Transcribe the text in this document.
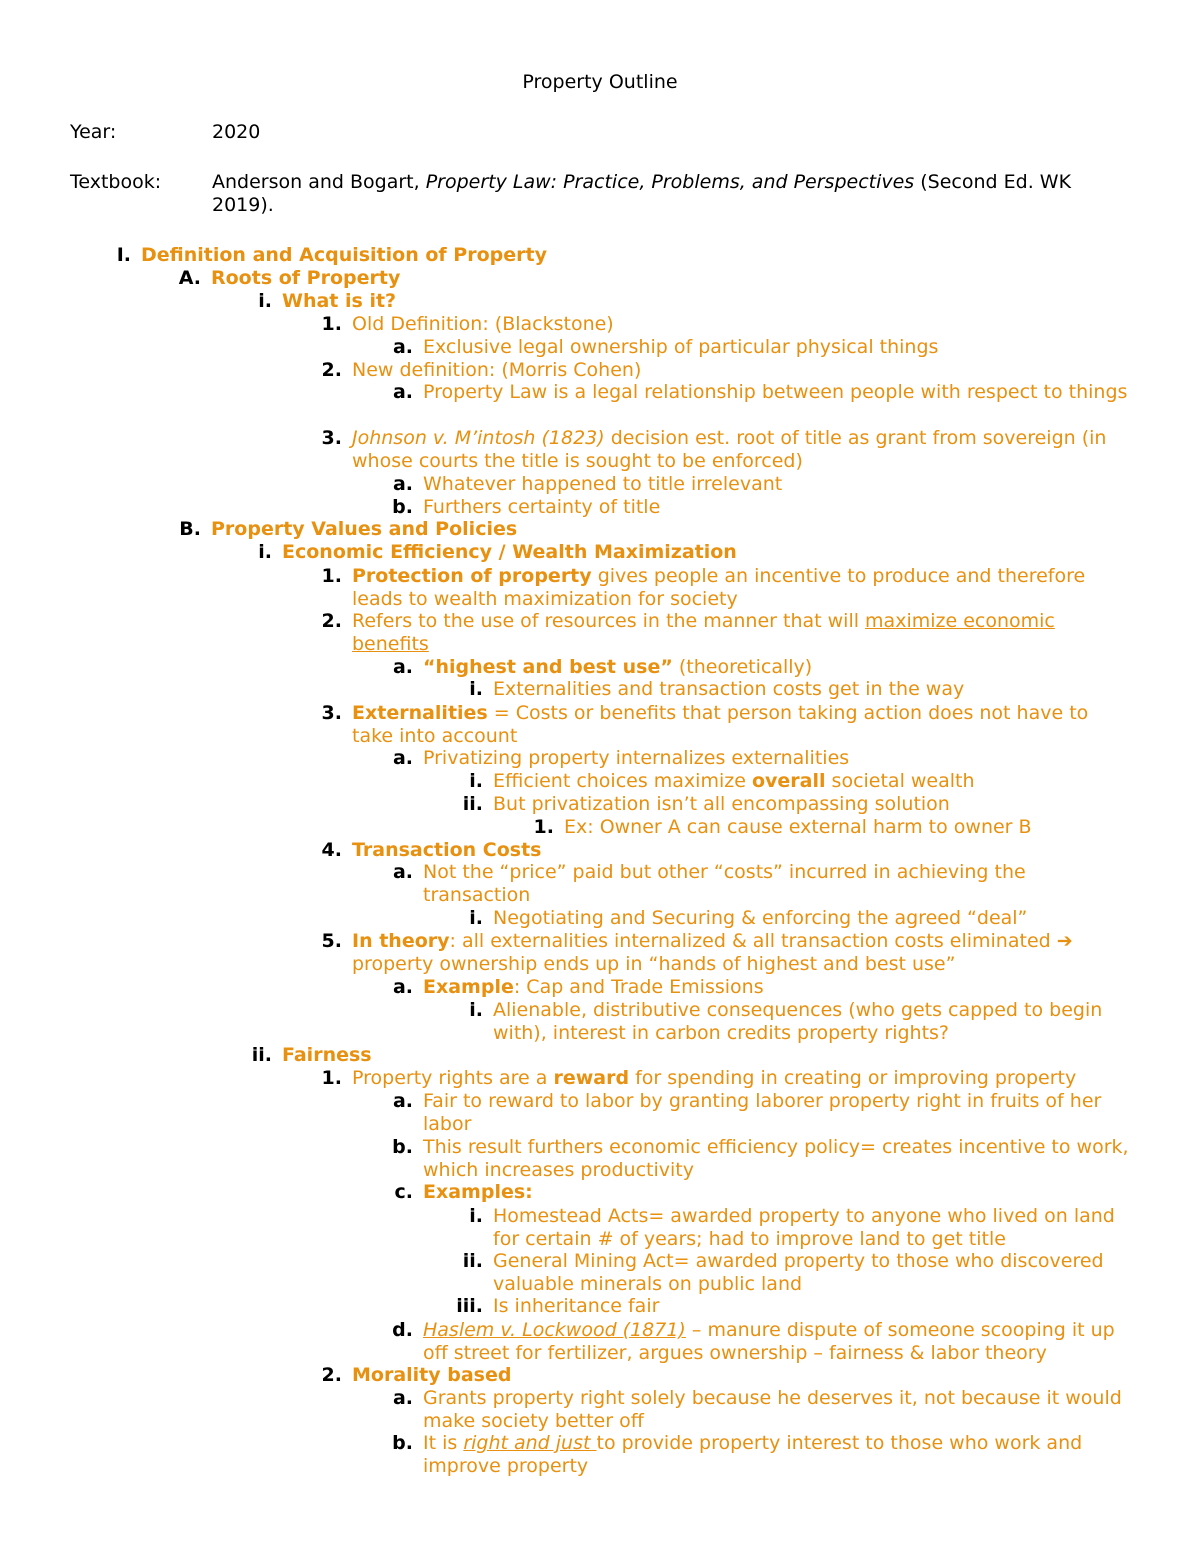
Property Outline
Year:	2020
Textbook:	Anderson and Bogart, Property Law: Practice, Problems, and Perspectives (Second Ed. WK 2019).
I. Definition and Acquisition of Property
A. Roots of Property
i. What is it?
1. Old Definition: (Blackstone)
a. Exclusive legal ownership of particular physical things
2. New definition: (Morris Cohen)
a. Property Law is a legal relationship between people with respect to things
3. Johnson v. M’intosh (1823) decision est. root of title as grant from sovereign (in whose courts the title is sought to be enforced)
a. Whatever happened to title irrelevant
b. Furthers certainty of title
B. Property Values and Policies
i. Economic Efficiency / Wealth Maximization
1. Protection of property gives people an incentive to produce and therefore leads to wealth maximization for society
2. Refers to the use of resources in the manner that will maximize economic benefits
a. “highest and best use” (theoretically)
i. Externalities and transaction costs get in the way
3. Externalities = Costs or benefits that person taking action does not have to take into account
a. Privatizing property internalizes externalities
i. Efficient choices maximize overall societal wealth
ii. But privatization isn’t all encompassing solution
1. Ex: Owner A can cause external harm to owner B
4. Transaction Costs
a. Not the “price” paid but other “costs” incurred in achieving the transaction
i. Negotiating and Securing & enforcing the agreed “deal”
5. In theory: all externalities internalized & all transaction costs eliminated ➔ property ownership ends up in “hands of highest and best use”
a. Example: Cap and Trade Emissions
i. Alienable, distributive consequences (who gets capped to begin with), interest in carbon credits property rights?
ii. Fairness
1. Property rights are a reward for spending in creating or improving property
a. Fair to reward to labor by granting laborer property right in fruits of her labor
b. This result furthers economic efficiency policy= creates incentive to work, which increases productivity
c. Examples:
i. Homestead Acts= awarded property to anyone who lived on land for certain # of years; had to improve land to get title
ii. General Mining Act= awarded property to those who discovered valuable minerals on public land
iii. Is inheritance fair
d. Haslem v. Lockwood (1871) – manure dispute of someone scooping it up off street for fertilizer, argues ownership – fairness & labor theory
2. Morality based
a. Grants property right solely because he deserves it, not because it would make society better off
b. It is right and just to provide property interest to those who work and improve property
